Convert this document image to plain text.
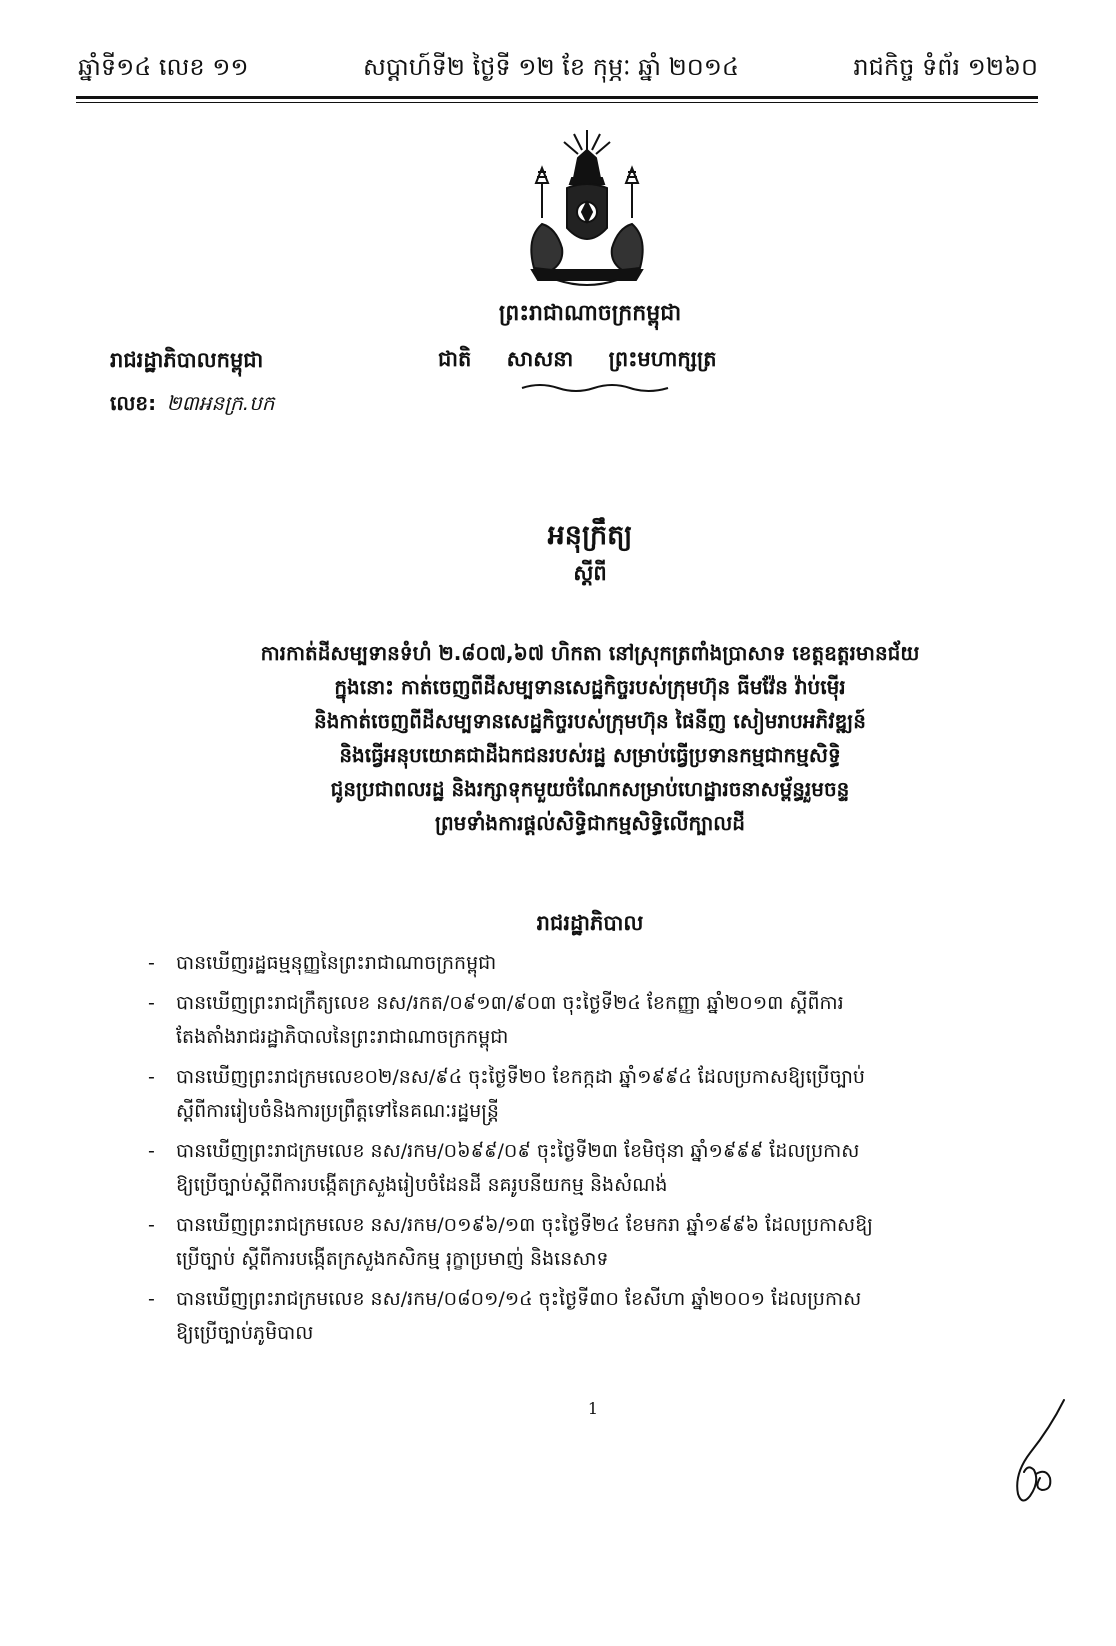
ឆ្នាំទី១៤ លេខ ១១	សប្ដាហ៍ទី២ ថ្ងៃទី ១២ ខែ កុម្ភៈ ឆ្នាំ ២០១៤	រាជកិច្ច ទំព័រ ១២៦០
ព្រះរាជាណាចក្រកម្ពុជា
រាជរដ្ឋាភិបាលកម្ពុជា	ជាតិ សាសនា ព្រះមហាក្សត្រ
លេខ: ២៣អនក្រ.បក
អនុក្រឹត្យ
ស្ដីពី
ការកាត់ដីសម្បទានទំហំ ២.៨០៧,៦៧ ហិកតា នៅស្រុកត្រពាំងប្រាសាទ ខេត្តឧត្ដរមានជ័យ
ក្នុងនោះ កាត់ចេញពីដីសម្បទានសេដ្ឋកិច្ចរបស់ក្រុមហ៊ុន ធីមវ៉ែន វ៉ាប់ម៉ើរ
និងកាត់ចេញពីដីសម្បទានសេដ្ឋកិច្ចរបស់ក្រុមហ៊ុន ផៃនីញ សៀមរាបអភិវឌ្ឍន៍
និងធ្វើអនុបយោគជាដីឯកជនរបស់រដ្ឋ សម្រាប់ធ្វើប្រទានកម្មជាកម្មសិទ្ធិ
ជូនប្រជាពលរដ្ឋ និងរក្សាទុកមួយចំណែកសម្រាប់ហេដ្ឋារចនាសម្ព័ន្ធរួមចន្ទ
ព្រមទាំងការផ្ដល់សិទ្ធិជាកម្មសិទ្ធិលើក្បាលដី
រាជរដ្ឋាភិបាល
- បានឃើញរដ្ឋធម្មនុញ្ញនៃព្រះរាជាណាចក្រកម្ពុជា
- បានឃើញព្រះរាជក្រឹត្យលេខ នស/រកត/០៩១៣/៩០៣ ចុះថ្ងៃទី២៤ ខែកញ្ញា ឆ្នាំ២០១៣ ស្ដីពីការ
តែងតាំងរាជរដ្ឋាភិបាលនៃព្រះរាជាណាចក្រកម្ពុជា
- បានឃើញព្រះរាជក្រមលេខ០២/នស/៩៤ ចុះថ្ងៃទី២០ ខែកក្កដា ឆ្នាំ១៩៩៤ ដែលប្រកាសឱ្យប្រើច្បាប់
ស្ដីពីការរៀបចំនិងការប្រព្រឹត្តទៅនៃគណៈរដ្ឋមន្ត្រី
- បានឃើញព្រះរាជក្រមលេខ នស/រកម/០៦៩៩/០៩ ចុះថ្ងៃទី២៣ ខែមិថុនា ឆ្នាំ១៩៩៩ ដែលប្រកាស
ឱ្យប្រើច្បាប់ស្ដីពីការបង្កើតក្រសួងរៀបចំដែនដី នគរូបនីយកម្ម និងសំណង់
- បានឃើញព្រះរាជក្រមលេខ នស/រកម/០១៩៦/១៣ ចុះថ្ងៃទី២៤ ខែមករា ឆ្នាំ១៩៩៦ ដែលប្រកាសឱ្យ
ប្រើច្បាប់ ស្ដីពីការបង្កើតក្រសួងកសិកម្ម រុក្ខាប្រមាញ់ និងនេសាទ
- បានឃើញព្រះរាជក្រមលេខ នស/រកម/០៨០១/១៤ ចុះថ្ងៃទី៣០ ខែសីហា ឆ្នាំ២០០១ ដែលប្រកាស
ឱ្យប្រើច្បាប់ភូមិបាល
1
